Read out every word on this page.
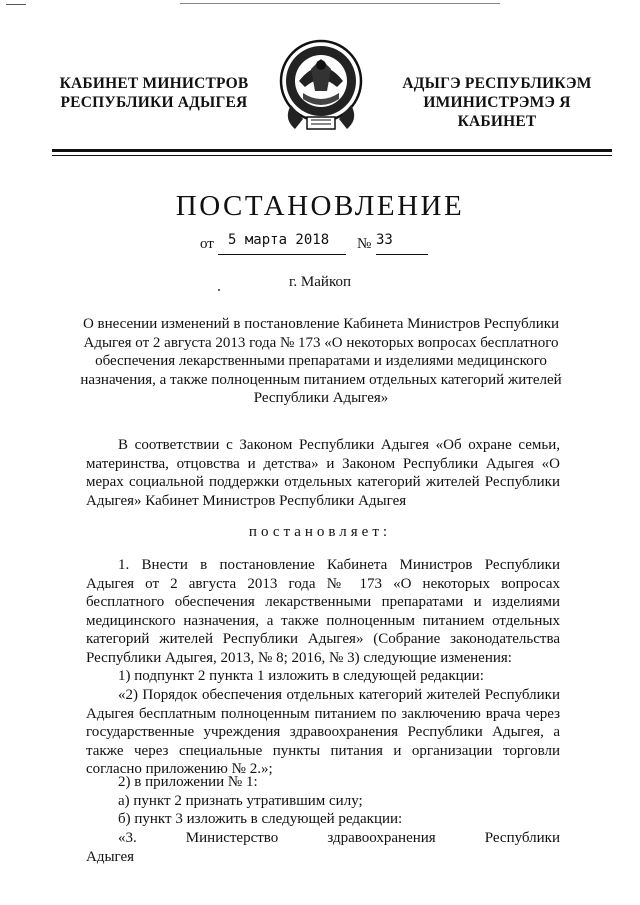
КАБИНЕТ МИНИСТРОВ
РЕСПУБЛИКИ АДЫГЕЯ
АДЫГЭ РЕСПУБЛИКЭМ
ИМИНИСТРЭМЭ Я КАБИНЕТ
ПОСТАНОВЛЕНИЕ
от 5 марта 2018 № 33
г. Майкоп
О внесении изменений в постановление Кабинета Министров Республики Адыгея от 2 августа 2013 года № 173 «О некоторых вопросах бесплатного обеспечения лекарственными препаратами и изделиями медицинского назначения, а также полноценным питанием отдельных категорий жителей Республики Адыгея»
В соответствии с Законом Республики Адыгея «Об охране семьи, материнства, отцовства и детства» и Законом Республики Адыгея «О мерах социальной поддержки отдельных категорий жителей Республики Адыгея» Кабинет Министров Республики Адыгея
постановляет:
1. Внести в постановление Кабинета Министров Республики Адыгея от 2 августа 2013 года № 173 «О некоторых вопросах бесплатного обеспечения лекарственными препаратами и изделиями медицинского назначения, а также полноценным питанием отдельных категорий жителей Республики Адыгея» (Собрание законодательства Республики Адыгея, 2013, № 8; 2016, № 3) следующие изменения:
1) подпункт 2 пункта 1 изложить в следующей редакции:
«2) Порядок обеспечения отдельных категорий жителей Республики Адыгея бесплатным полноценным питанием по заключению врача через государственные учреждения здравоохранения Республики Адыгея, а также через специальные пункты питания и организации торговли согласно приложению № 2.»;
2) в приложении № 1:
а) пункт 2 признать утратившим силу;
б) пункт 3 изложить в следующей редакции:
«3. Министерство здравоохранения Республики Адыгея
